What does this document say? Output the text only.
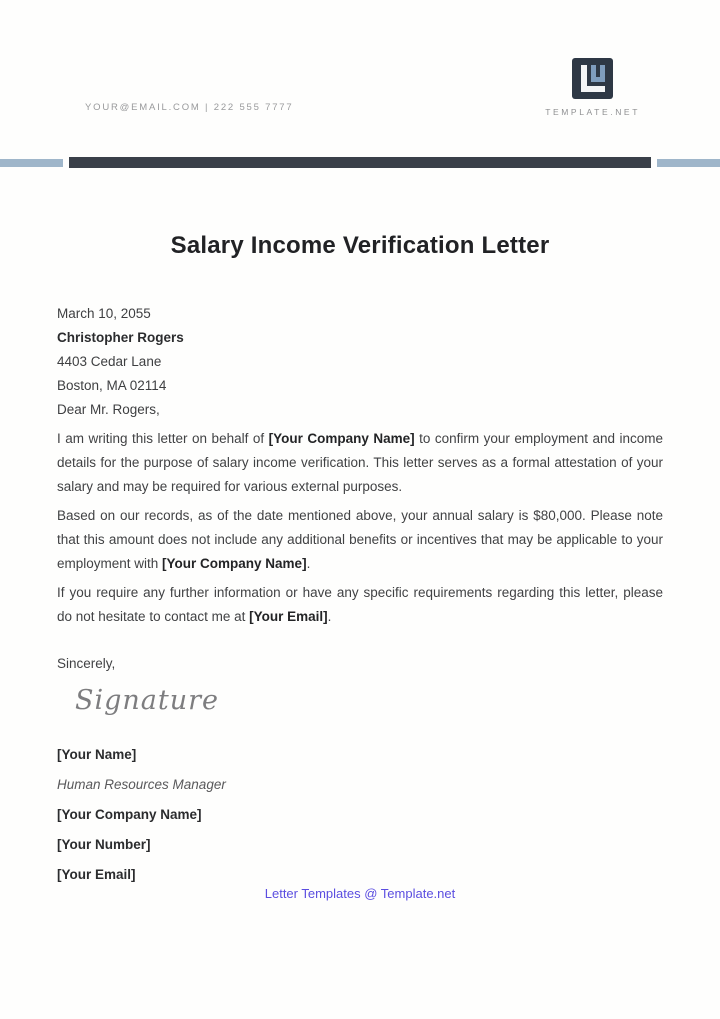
YOUR@EMAIL.COM | 222 555 7777	TEMPLATE.NET
Salary Income Verification Letter
March 10, 2055
Christopher Rogers
4403 Cedar Lane
Boston, MA 02114
Dear Mr. Rogers,

I am writing this letter on behalf of [Your Company Name] to confirm your employment and income details for the purpose of salary income verification. This letter serves as a formal attestation of your salary and may be required for various external purposes.

Based on our records, as of the date mentioned above, your annual salary is $80,000. Please note that this amount does not include any additional benefits or incentives that may be applicable to your employment with [Your Company Name].

If you require any further information or have any specific requirements regarding this letter, please do not hesitate to contact me at [Your Email].

Sincerely,
Signature
[Your Name]
Human Resources Manager
[Your Company Name]
[Your Number]
[Your Email]
Letter Templates @ Template.net
